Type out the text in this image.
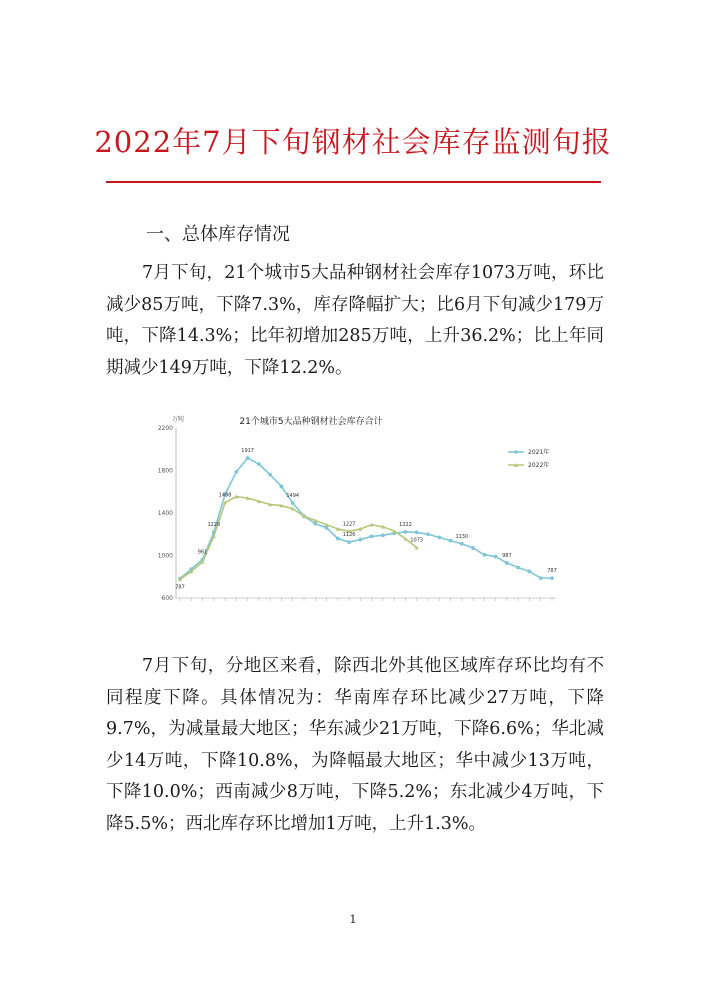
2022年7月下旬钢材社会库存监测旬报
一、总体库存情况
7月下旬，21个城市5大品种钢材社会库存1073万吨，环比减少85万吨，下降7.3%，库存降幅扩大；比6月下旬减少179万吨，下降14.3%；比年初增加285万吨，上升36.2%；比上年同期减少149万吨，下降12.2%。
21个城市5大品种钢材社会库存合计
万吨
600
1000
1400
1800
2200
787
961
1220
1917
1494
1498
1227
1126
1222
1073
1130
987
787
2021年
2022年
7月下旬，分地区来看，除西北外其他区域库存环比均有不同程度下降。具体情况为：华南库存环比减少27万吨，下降9.7%，为减量最大地区；华东减少21万吨，下降6.6%；华北减少14万吨，下降10.8%，为降幅最大地区；华中减少13万吨，下降10.0%；西南减少8万吨，下降5.2%；东北减少4万吨，下降5.5%；西北库存环比增加1万吨，上升1.3%。
1
